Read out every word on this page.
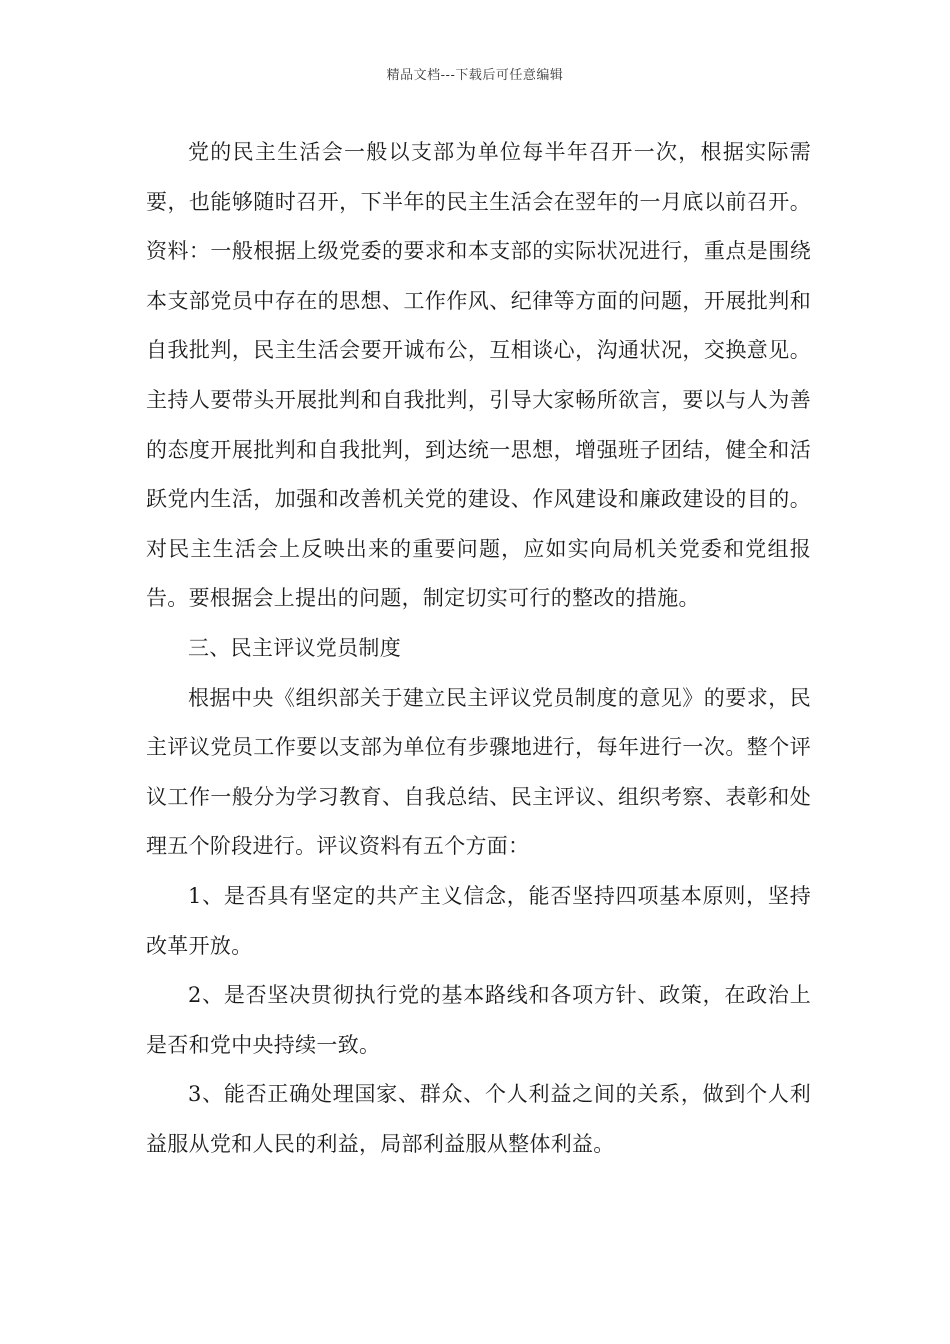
精品文档---下载后可任意编辑

党的民主生活会一般以支部为单位每半年召开一次，根据实际需要，也能够随时召开，下半年的民主生活会在翌年的一月底以前召开。资料：一般根据上级党委的要求和本支部的实际状况进行，重点是围绕本支部党员中存在的思想、工作作风、纪律等方面的问题，开展批判和自我批判，民主生活会要开诚布公，互相谈心，沟通状况，交换意见。主持人要带头开展批判和自我批判，引导大家畅所欲言，要以与人为善的态度开展批判和自我批判，到达统一思想，增强班子团结，健全和活跃党内生活，加强和改善机关党的建设、作风建设和廉政建设的目的。对民主生活会上反映出来的重要问题，应如实向局机关党委和党组报告。要根据会上提出的问题，制定切实可行的整改的措施。

三、民主评议党员制度

根据中央《组织部关于建立民主评议党员制度的意见》的要求，民主评议党员工作要以支部为单位有步骤地进行，每年进行一次。整个评议工作一般分为学习教育、自我总结、民主评议、组织考察、表彰和处理五个阶段进行。评议资料有五个方面：

1、是否具有坚定的共产主义信念，能否坚持四项基本原则，坚持改革开放。

2、是否坚决贯彻执行党的基本路线和各项方针、政策，在政治上是否和党中央持续一致。

3、能否正确处理国家、群众、个人利益之间的关系，做到个人利益服从党和人民的利益，局部利益服从整体利益。
